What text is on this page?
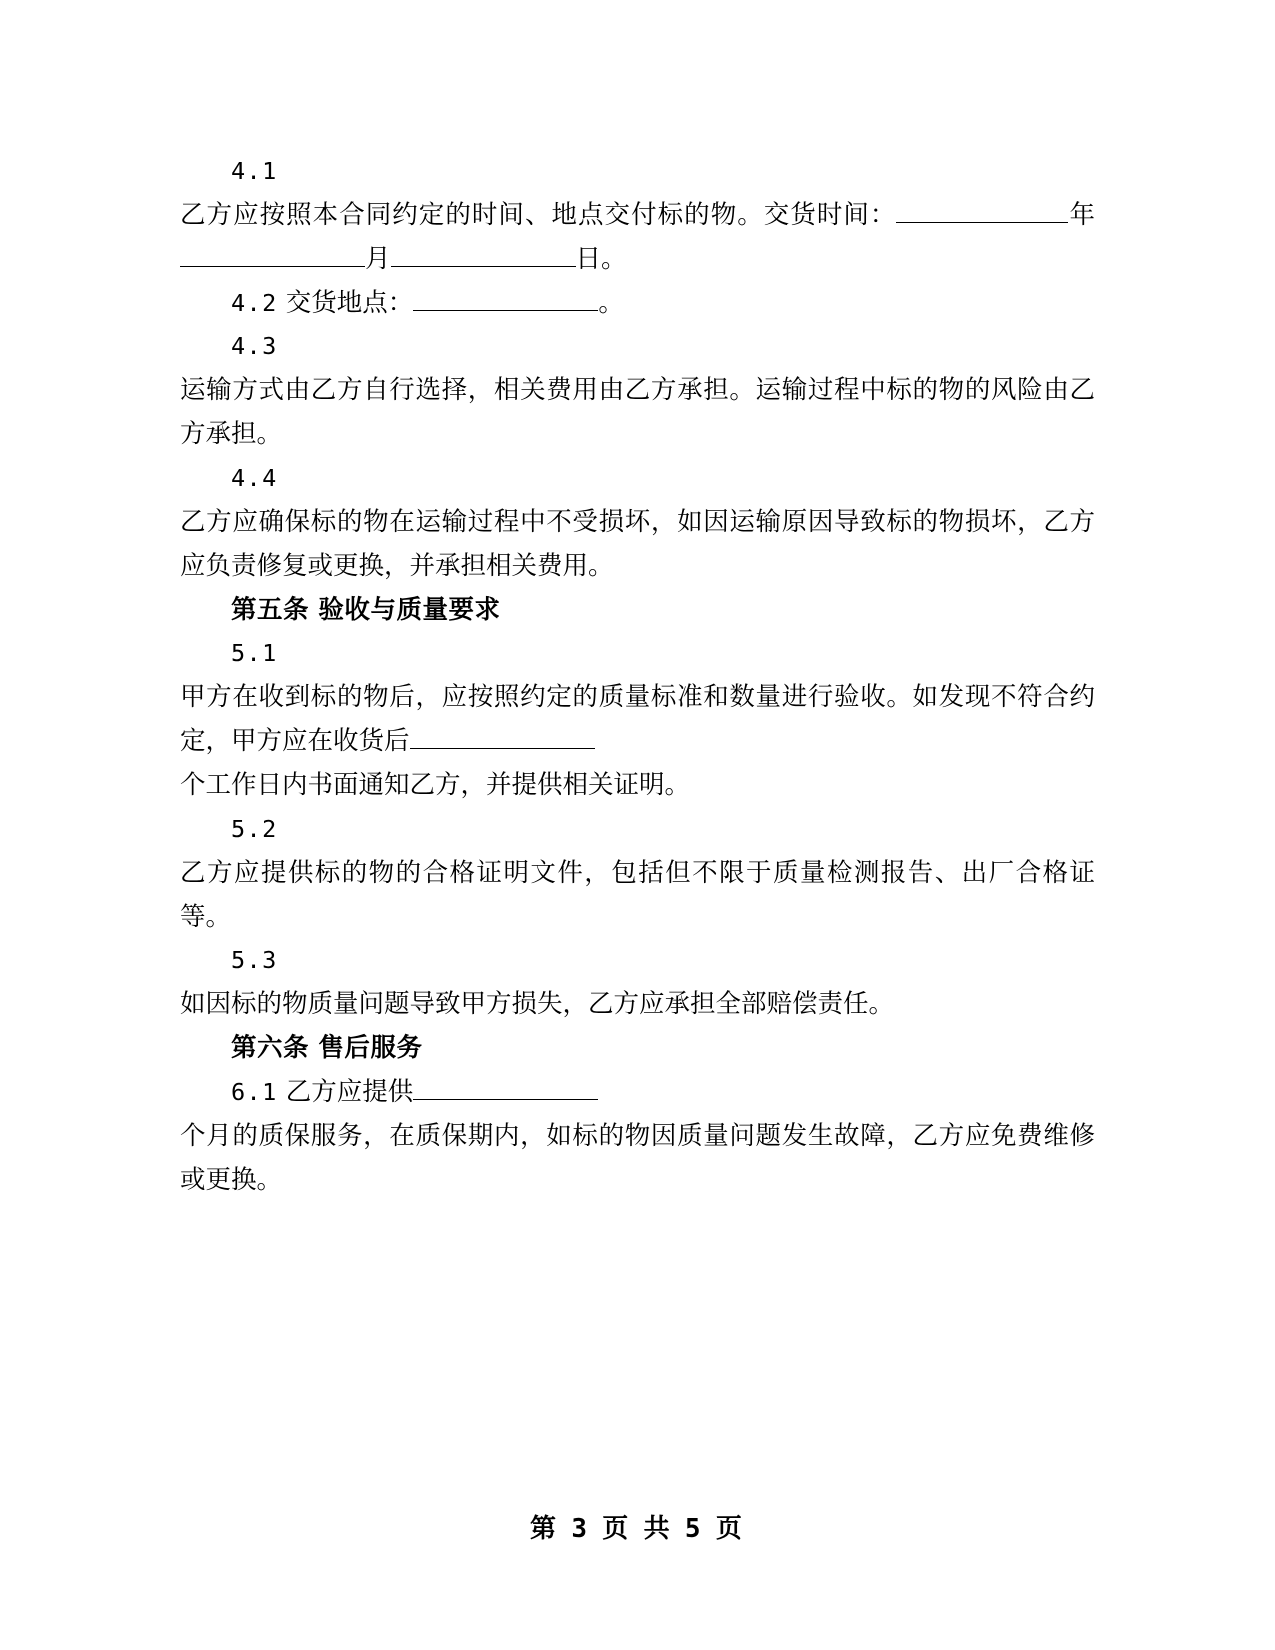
4.1

乙方应按照本合同约定的时间、地点交付标的物。交货时间：	年月	日。

4.2 交货地点：	。

4.3

运输方式由乙方自行选择，相关费用由乙方承担。运输过程中标的物的风险由乙方承担。

4.4

乙方应确保标的物在运输过程中不受损坏，如因运输原因导致标的物损坏，乙方应负责修复或更换，并承担相关费用。

第五条 验收与质量要求

5.1

甲方在收到标的物后，应按照约定的质量标准和数量进行验收。如发现不符合约定，甲方应在收货后

个工作日内书面通知乙方，并提供相关证明。

5.2

乙方应提供标的物的合格证明文件，包括但不限于质量检测报告、出厂合格证等。

5.3

如因标的物质量问题导致甲方损失，乙方应承担全部赔偿责任。

第六条 售后服务

6.1 乙方应提供

个月的质保服务，在质保期内，如标的物因质量问题发生故障，乙方应免费维修或更换。

第 3 页 共 5 页
